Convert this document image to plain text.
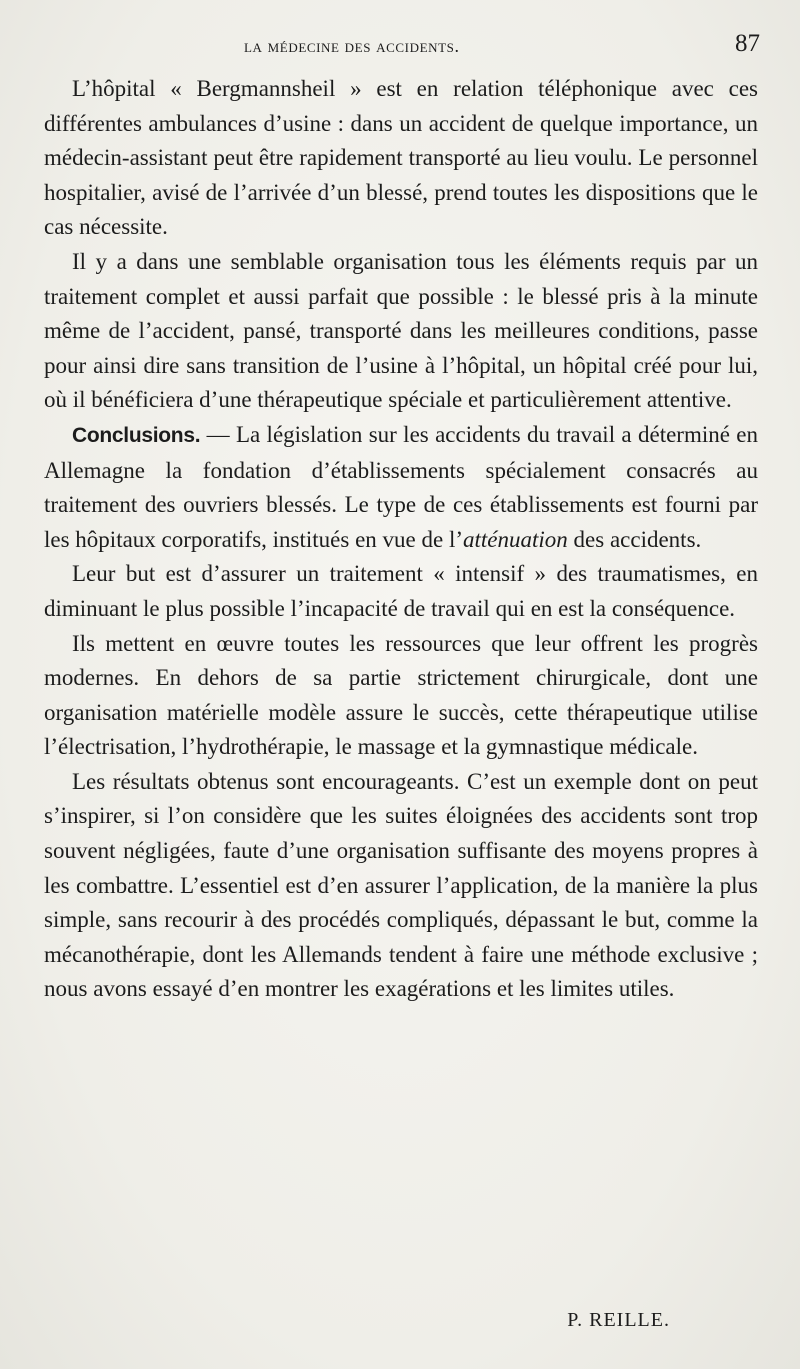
la médecine des accidents.	87

L’hôpital « Bergmannsheil » est en relation téléphonique avec ces différentes ambulances d’usine : dans un accident de quelque importance, un médecin-assistant peut être rapidement transporté au lieu voulu. Le personnel hospitalier, avisé de l’arrivée d’un blessé, prend toutes les dispositions que le cas nécessite.

Il y a dans une semblable organisation tous les éléments requis par un traitement complet et aussi parfait que possible : le blessé pris à la minute même de l’accident, pansé, transporté dans les meilleures conditions, passe pour ainsi dire sans transition de l’usine à l’hôpital, un hôpital créé pour lui, où il bénéficiera d’une thérapeutique spéciale et particulièrement attentive.

Conclusions. — La législation sur les accidents du travail a déterminé en Allemagne la fondation d’établissements spécialement consacrés au traitement des ouvriers blessés. Le type de ces établissements est fourni par les hôpitaux corporatifs, institués en vue de l’atténuation des accidents.

Leur but est d’assurer un traitement « intensif » des traumatismes, en diminuant le plus possible l’incapacité de travail qui en est la conséquence.

Ils mettent en œuvre toutes les ressources que leur offrent les progrès modernes. En dehors de sa partie strictement chirurgicale, dont une organisation matérielle modèle assure le succès, cette thérapeutique utilise l’électrisation, l’hydrothérapie, le massage et la gymnastique médicale.

Les résultats obtenus sont encourageants. C’est un exemple dont on peut s’inspirer, si l’on considère que les suites éloignées des accidents sont trop souvent négligées, faute d’une organisation suffisante des moyens propres à les combattre. L’essentiel est d’en assurer l’application, de la manière la plus simple, sans recourir à des procédés compliqués, dépassant le but, comme la mécanothérapie, dont les Allemands tendent à faire une méthode exclusive ; nous avons essayé d’en montrer les exagérations et les limites utiles.

P. REILLE.
